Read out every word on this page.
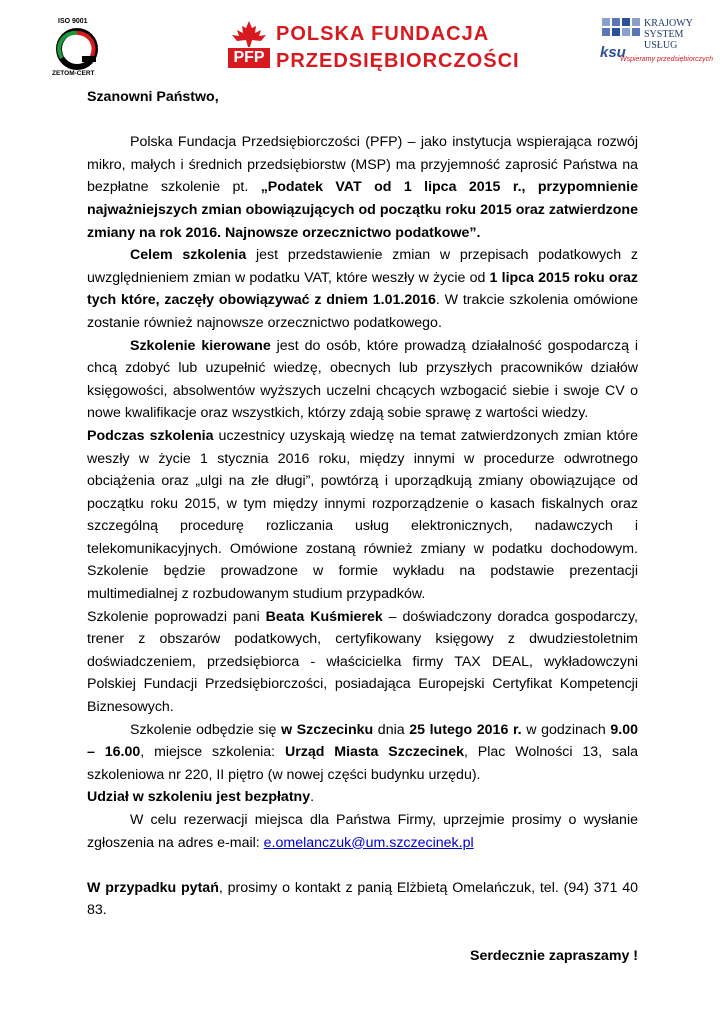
ISO 9001
ZETOM-CERT
PFP
POLSKA FUNDACJA
PRZEDSIĘBIORCZOŚCI
KRAJOWY
SYSTEM
USŁUG
ksu
Wspieramy przedsiębiorczych

Szanowni Państwo,

Polska Fundacja Przedsiębiorczości (PFP) – jako instytucja wspierająca rozwój mikro, małych i średnich przedsiębiorstw (MSP) ma przyjemność zaprosić Państwa na bezpłatne szkolenie pt. „Podatek VAT od 1 lipca 2015 r., przypomnienie najważniejszych zmian obowiązujących od początku roku 2015 oraz zatwierdzone zmiany na rok 2016. Najnowsze orzecznictwo podatkowe”.

Celem szkolenia jest przedstawienie zmian w przepisach podatkowych z uwzględnieniem zmian w podatku VAT, które weszły w życie od 1 lipca 2015 roku oraz tych które, zaczęły obowiązywać z dniem 1.01.2016. W trakcie szkolenia omówione zostanie również najnowsze orzecznictwo podatkowego.

Szkolenie kierowane jest do osób, które prowadzą działalność gospodarczą i chcą zdobyć lub uzupełnić wiedzę, obecnych lub przyszłych pracowników działów księgowości, absolwentów wyższych uczelni chcących wzbogacić siebie i swoje CV o nowe kwalifikacje oraz wszystkich, którzy zdają sobie sprawę z wartości wiedzy.

Podczas szkolenia uczestnicy uzyskają wiedzę na temat zatwierdzonych zmian które weszły w życie 1 stycznia 2016 roku, między innymi w procedurze odwrotnego obciążenia oraz „ulgi na złe długi”, powtórzą i uporządkują zmiany obowiązujące od początku roku 2015, w tym między innymi rozporządzenie o kasach fiskalnych oraz szczególną procedurę rozliczania usług elektronicznych, nadawczych i telekomunikacyjnych. Omówione zostaną również zmiany w podatku dochodowym. Szkolenie będzie prowadzone w formie wykładu na podstawie prezentacji multimedialnej z rozbudowanym studium przypadków.

Szkolenie poprowadzi pani Beata Kuśmierek – doświadczony doradca gospodarczy, trener z obszarów podatkowych, certyfikowany księgowy z dwudziestoletnim doświadczeniem, przedsiębiorca - właścicielka firmy TAX DEAL, wykładowczyni Polskiej Fundacji Przedsiębiorczości, posiadająca Europejski Certyfikat Kompetencji Biznesowych.

Szkolenie odbędzie się w Szczecinku dnia 25 lutego 2016 r. w godzinach 9.00 – 16.00, miejsce szkolenia: Urząd Miasta Szczecinek, Plac Wolności 13, sala szkoleniowa nr 220, II piętro (w nowej części budynku urzędu).

Udział w szkoleniu jest bezpłatny.

W celu rezerwacji miejsca dla Państwa Firmy, uprzejmie prosimy o wysłanie zgłoszenia na adres e-mail: e.omelanczuk@um.szczecinek.pl

W przypadku pytań, prosimy o kontakt z panią Elżbietą Omelańczuk, tel. (94) 371 40 83.

Serdecznie zapraszamy !
